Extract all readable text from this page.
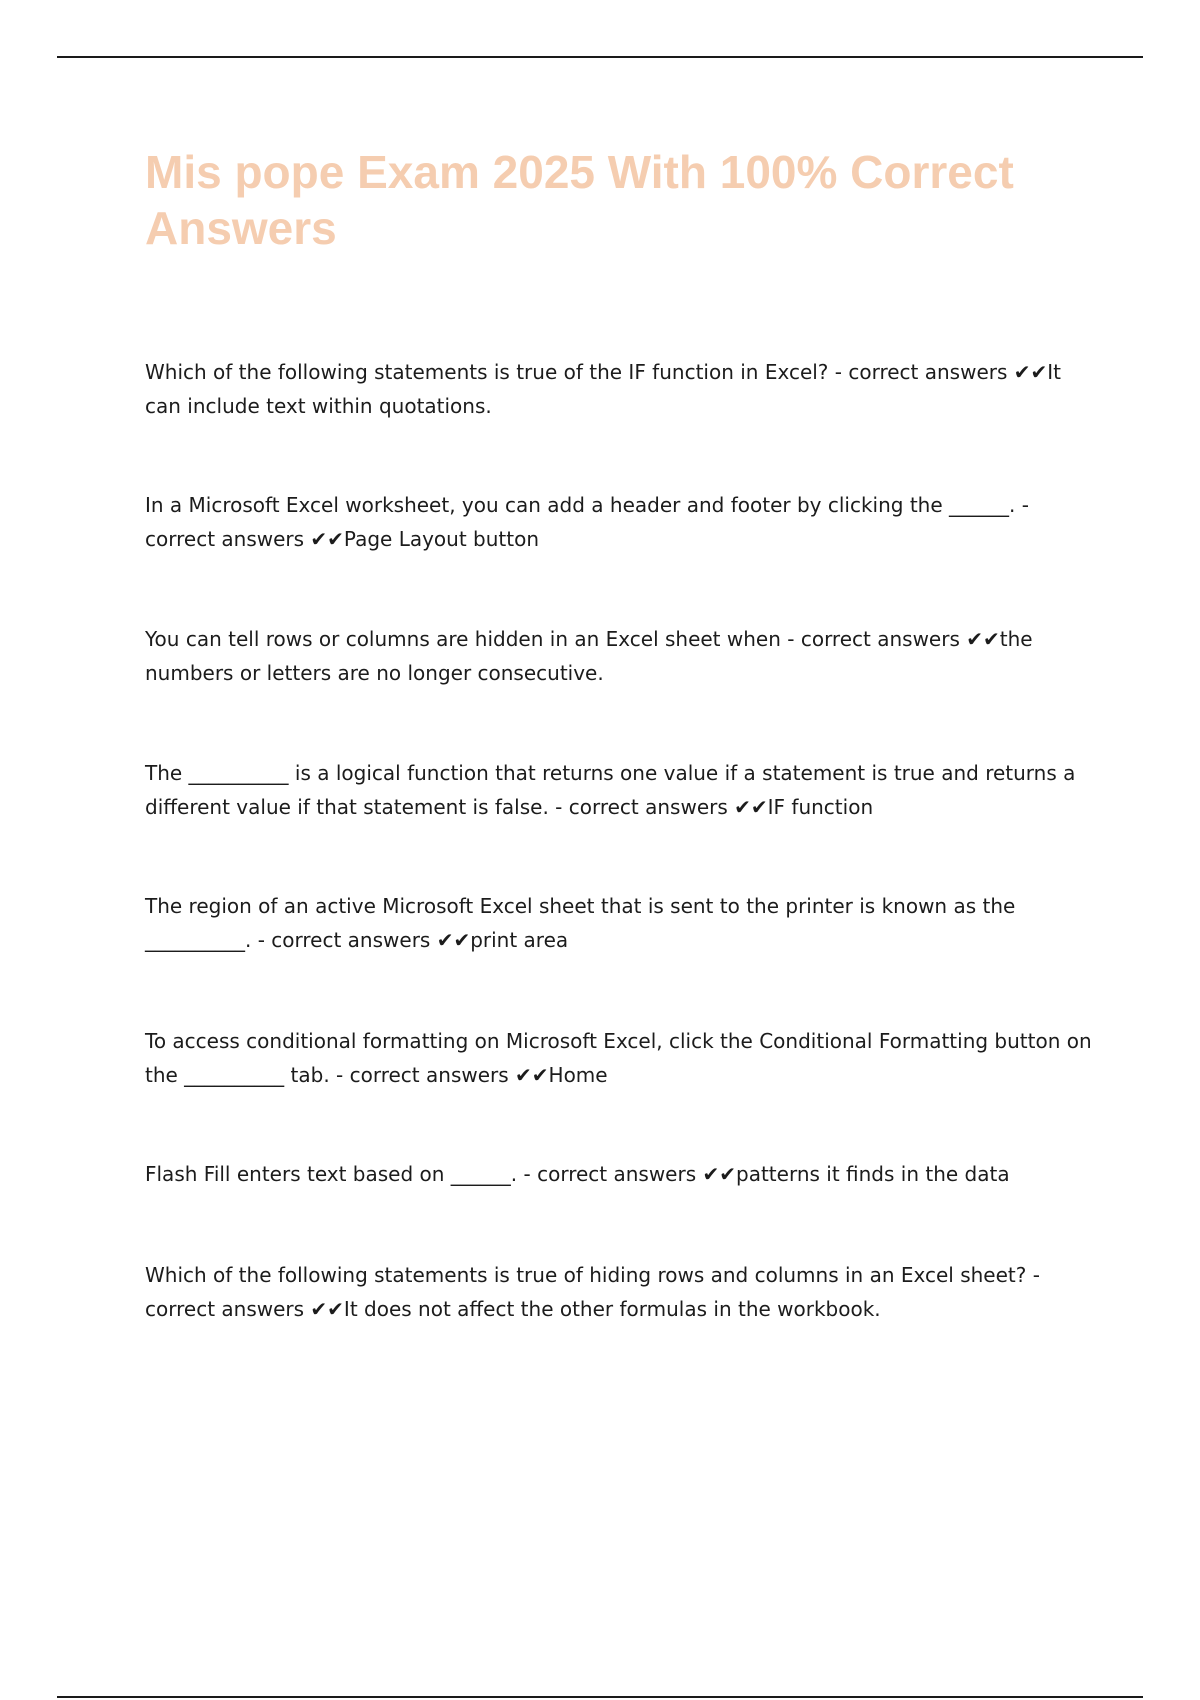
Mis pope Exam 2025 With 100% Correct Answers

Which of the following statements is true of the IF function in Excel? - correct answers ✔✔It can include text within quotations.

In a Microsoft Excel worksheet, you can add a header and footer by clicking the ______. - correct answers ✔✔Page Layout button

You can tell rows or columns are hidden in an Excel sheet when - correct answers ✔✔the numbers or letters are no longer consecutive.

The __________ is a logical function that returns one value if a statement is true and returns a different value if that statement is false. - correct answers ✔✔IF function

The region of an active Microsoft Excel sheet that is sent to the printer is known as the __________. - correct answers ✔✔print area

To access conditional formatting on Microsoft Excel, click the Conditional Formatting button on the __________ tab. - correct answers ✔✔Home

Flash Fill enters text based on ______. - correct answers ✔✔patterns it finds in the data

Which of the following statements is true of hiding rows and columns in an Excel sheet? - correct answers ✔✔It does not affect the other formulas in the workbook.
